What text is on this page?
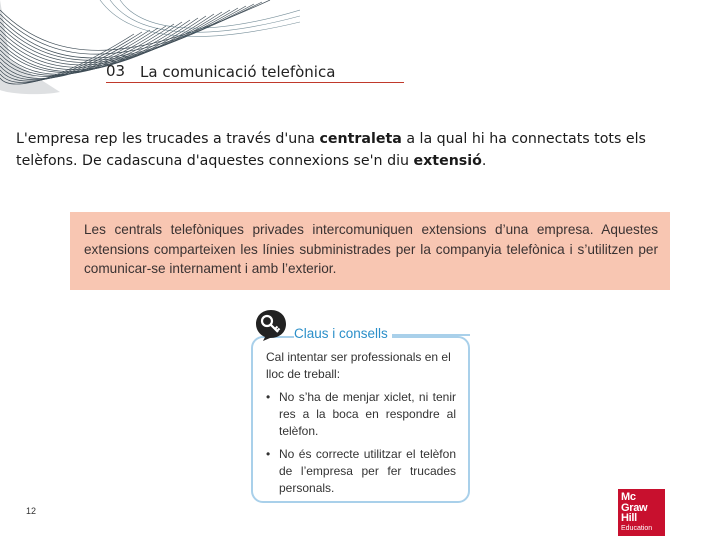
03 La comunicació telefònica

L'empresa rep les trucades a través d'una centraleta a la qual hi ha connectats tots els telèfons. De cadascuna d'aquestes connexions se'n diu extensió.

Les centrals telefòniques privades intercomuniquen extensions d’una empresa. Aquestes extensions comparteixen les línies subministrades per la companyia telefònica i s’utilitzen per comunicar-se internament i amb l’exterior.

Claus i consells

Cal intentar ser professionals en el lloc de treball:

• No s’ha de menjar xiclet, ni tenir res a la boca en respondre al telèfon.
• No és correcte utilitzar el telèfon de l’empresa per fer trucades personals.
12
Mc
Graw
Hill
Education
